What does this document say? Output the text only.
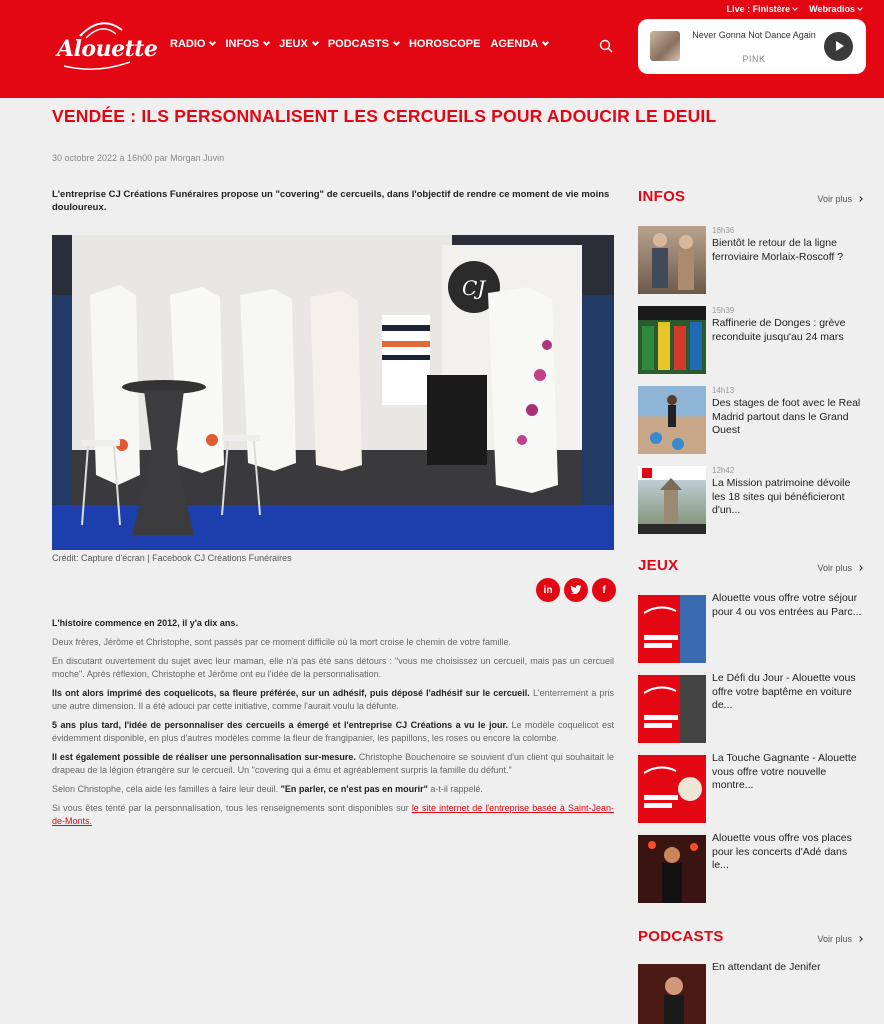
Alouette
Live : Finistère Webradios
RADIO INFOS JEUX PODCASTS HOROSCOPE AGENDA
Never Gonna Not Dance Again
PINK
VENDÉE : ILS PERSONNALISENT LES CERCUEILS POUR ADOUCIR LE DEUIL
30 octobre 2022 à 16h00 par Morgan Juvin
L'entreprise CJ Créations Funéraires propose un "covering" de cercueils, dans l'objectif de rendre ce moment de vie moins douloureux.
CJ
Crédit: Capture d'écran | Facebook CJ Créations Funéraires
in	f

L'histoire commence en 2012, il y'a dix ans.

Deux frères, Jérôme et Christophe, sont passés par ce moment difficile où la mort croise le chemin de votre famille.

En discutant ouvertement du sujet avec leur maman, elle n'a pas été sans détours : "vous me choisissez un cercueil, mais pas un cercueil moche". Après réflexion, Christophe et Jérôme ont eu l'idée de la personnalisation.

Ils ont alors imprimé des coquelicots, sa fleure préférée, sur un adhésif, puis déposé l'adhésif sur le cercueil. L'enterrement a pris une autre dimension. Il a été adouci par cette initiative, comme l'aurait voulu la défunte.

5 ans plus tard, l'idée de personnaliser des cercueils a émergé et l'entreprise CJ Créations a vu le jour. Le modèle coquelicot est évidemment disponible, en plus d'autres modèles comme la fleur de frangipanier, les papillons, les roses ou encore la colombe.

Il est également possible de réaliser une personnalisation sur-mesure. Christophe Bouchenoire se souvient d'un client qui souhaitait le drapeau de la légion étrangère sur le cercueil. Un "covering qui a ému et agréablement surpris la famille du défunt."

Selon Christophe, cela aide les familles à faire leur deuil. "En parler, ce n'est pas en mourir" a-t-il rappelé.

Si vous êtes tenté par la personnalisation, tous les renseignements sont disponibles sur le site internet de l'entreprise basée à Saint-Jean-de-Monts.

INFOS	Voir plus
16h36
Bientôt le retour de la ligne ferroviaire Morlaix-Roscoff ?
15h39
Raffinerie de Donges : grève reconduite jusqu'au 24 mars
14h13
Des stages de foot avec le Real Madrid partout dans le Grand Ouest
12h42
La Mission patrimoine dévoile les 18 sites qui bénéficieront d'un...
JEUX	Voir plus
Alouette vous offre votre séjour pour 4 ou vos entrées au Parc...
Le Défi du Jour - Alouette vous offre votre baptême en voiture de...
La Touche Gagnante - Alouette vous offre votre nouvelle montre...
Alouette vous offre vos places pour les concerts d'Adé dans le...
PODCASTS	Voir plus
En attendant de Jenifer
